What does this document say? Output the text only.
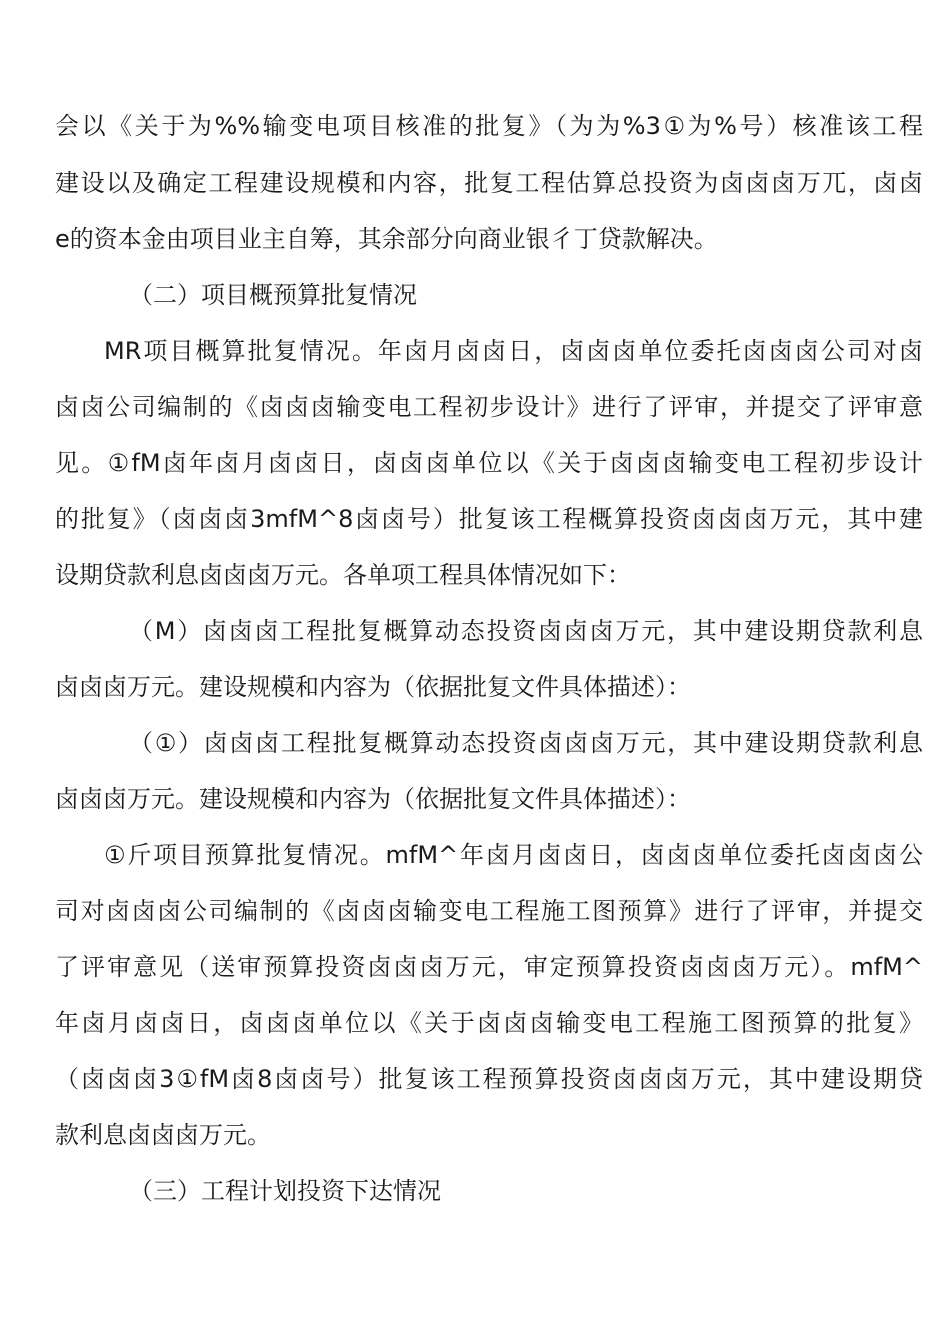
会以《关于为%%输变电项目核准的批复》（为为%3①为%号）核准该工程
建设以及确定工程建设规模和内容，批复工程估算总投资为卤卤卤万兀，卤卤
e的资本金由项目业主自筹，其余部分向商业银彳丁贷款解决。
（二）项目概预算批复情况
MR项目概算批复情况。年卤月卤卤日，卤卤卤单位委托卤卤卤公司对卤
卤卤公司编制的《卤卤卤输变电工程初步设计》进行了评审，并提交了评审意
见。①fM卤年卤月卤卤日，卤卤卤单位以《关于卤卤卤输变电工程初步设计
的批复》（卤卤卤3mfM^8卤卤号）批复该工程概算投资卤卤卤万元，其中建
设期贷款利息卤卤卤万元。各单项工程具体情况如下：
（M）卤卤卤工程批复概算动态投资卤卤卤万元，其中建设期贷款利息
卤卤卤万元。建设规模和内容为（依据批复文件具体描述）：
（①）卤卤卤工程批复概算动态投资卤卤卤万元，其中建设期贷款利息
卤卤卤万元。建设规模和内容为（依据批复文件具体描述）：
①斤项目预算批复情况。mfM^年卤月卤卤日，卤卤卤单位委托卤卤卤公
司对卤卤卤公司编制的《卤卤卤输变电工程施工图预算》进行了评审，并提交
了评审意见（送审预算投资卤卤卤万元，审定预算投资卤卤卤万元）。mfM^
年卤月卤卤日，卤卤卤单位以《关于卤卤卤输变电工程施工图预算的批复》
（卤卤卤3①fM卤8卤卤号）批复该工程预算投资卤卤卤万元，其中建设期贷
款利息卤卤卤万元。
（三）工程计划投资下达情况
